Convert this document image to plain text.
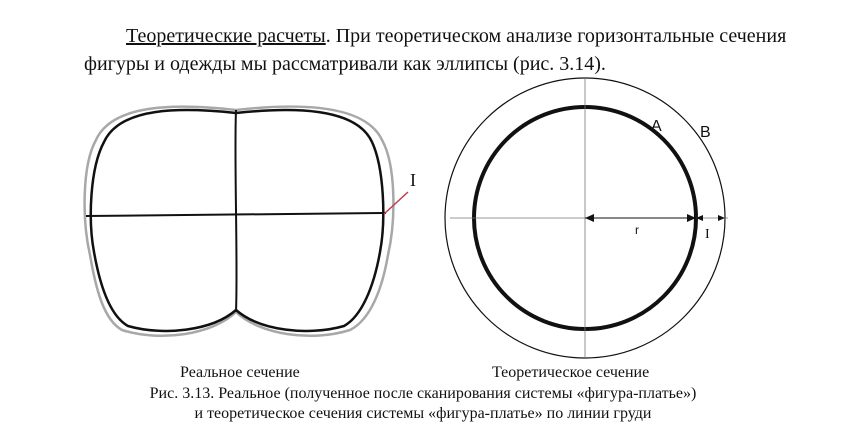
Теоретические расчеты. При теоретическом анализе горизонтальные сечения фигуры и одежды мы рассматривали как эллипсы (рис. 3.14).

I
A B
r	I
Реальное сечение	Теоретическое сечение
Рис. 3.13. Реальное (полученное после сканирования системы «фигура-платье»)
и теоретическое сечения системы «фигура-платье» по линии груди
